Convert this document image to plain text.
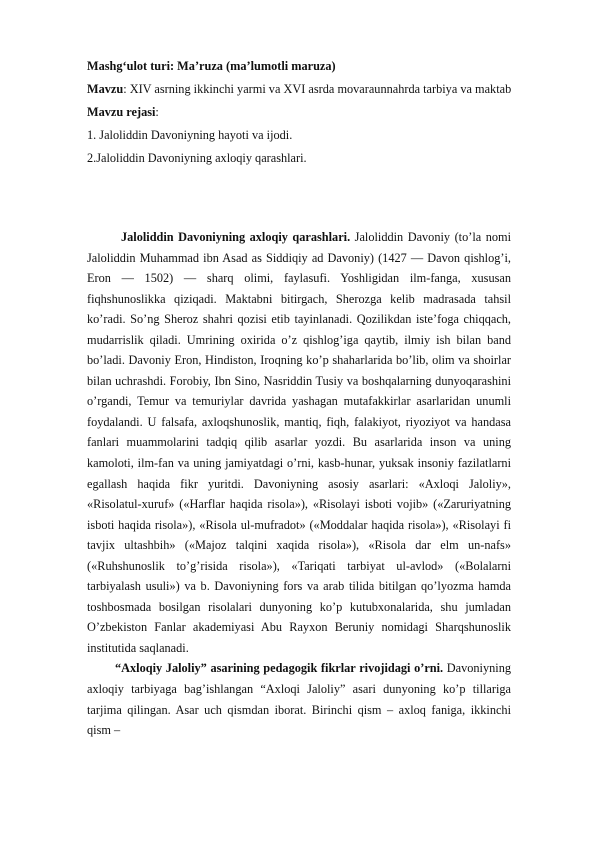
Mashg‘ulot turi: Ma’ruza (ma’lumotli maruza)
Mavzu: XIV asrning ikkinchi yarmi va XVI asrda movaraunnahrda tarbiya va maktab
Mavzu rejasi:
1. Jaloliddin Davoniyning hayoti va ijodi.
2.Jaloliddin Davoniyning axloqiy qarashlari.

Jaloliddin Davoniyning axloqiy qarashlari. Jaloliddin Davoniy (to’la nomi Jaloliddin Muhammad ibn Asad as Siddiqiy ad Davoniy) (1427 — Davon qishlog’i, Eron — 1502) — sharq olimi, faylasufi. Yoshligidan ilm-fanga, xususan fiqhshunoslikka qiziqadi. Maktabni bitirgach, Sherozga kelib madrasada tahsil ko’radi. So’ng Sheroz shahri qozisi etib tayinlanadi. Qozilikdan iste’foga chiqqach, mudarrislik qiladi. Umrining oxirida o’z qishlog’iga qaytib, ilmiy ish bilan band bo’ladi. Davoniy Eron, Hindiston, Iroqning ko’p shaharlarida bo’lib, olim va shoirlar bilan uchrashdi. Forobiy, Ibn Sino, Nasriddin Tusiy va boshqalarning dunyoqarashini o’rgandi, Temur va temuriylar davrida yashagan mutafakkirlar asarlaridan unumli foydalandi. U falsafa, axloqshunoslik, mantiq, fiqh, falakiyot, riyoziyot va handasa fanlari muammolarini tadqiq qilib asarlar yozdi. Bu asarlarida inson va uning kamoloti, ilm-fan va uning jamiyatdagi o’rni, kasb-hunar, yuksak insoniy fazilatlarni egallash haqida fikr yuritdi. Davoniyning asosiy asarlari: «Axloqi Jaloliy», «Risolatul-xuruf» («Harflar haqida risola»), «Risolayi isboti vojib» («Zaruriyatning isboti haqida risola»), «Risola ul-mufradot» («Moddalar haqida risola»), «Risolayi fi tavjix ultashbih» («Majoz talqini xaqida risola»), «Risola dar elm un-nafs» («Ruhshunoslik to’g’risida risola»), «Tariqati tarbiyat ul-avlod» («Bolalarni tarbiyalash usuli») va b. Davoniyning fors va arab tilida bitilgan qo’lyozma hamda toshbosmada bosilgan risolalari dunyoning ko’p kutubxonalarida, shu jumladan O’zbekiston Fanlar akademiyasi Abu Rayxon Beruniy nomidagi Sharqshunoslik institutida saqlanadi.

“Axloqiy Jaloliy” asarining pedagogik fikrlar rivojidagi o’rni. Davoniyning axloqiy tarbiyaga bag’ishlangan “Axloqi Jaloliy” asari dunyoning ko’p tillariga tarjima qilingan. Asar uch qismdan iborat. Birinchi qism – axloq faniga, ikkinchi qism –
